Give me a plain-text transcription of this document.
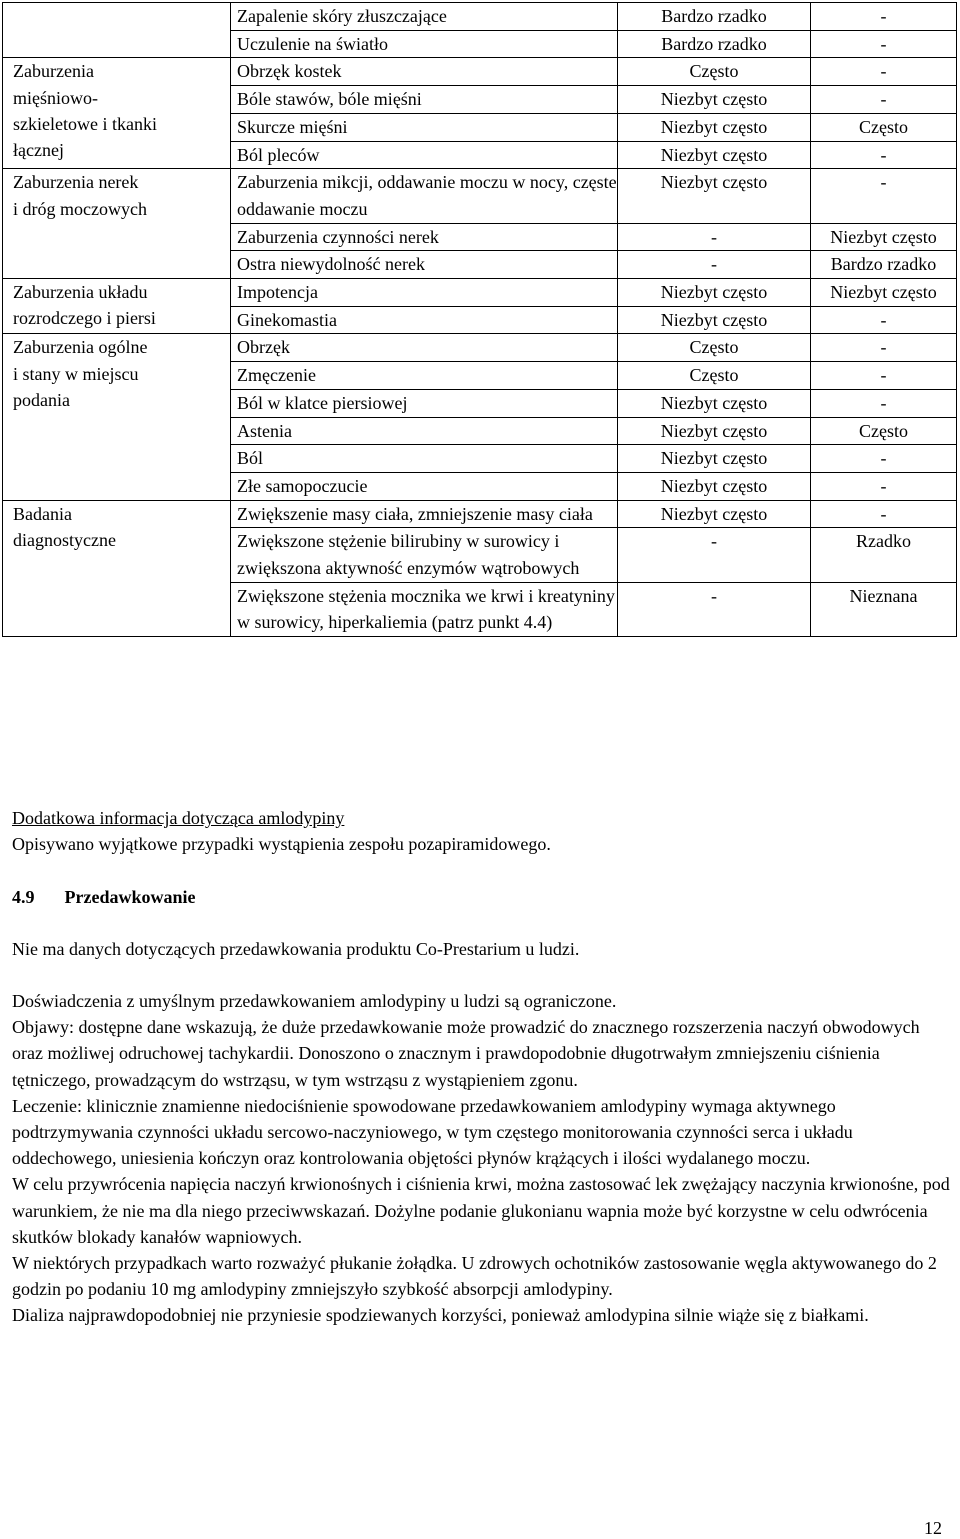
	Zapalenie skóry złuszczające	Bardzo rzadko	-
	Uczulenie na światło	Bardzo rzadko	-

Zaburzenia
mięśniowo-
szkieletowe i tkanki
łącznej	Obrzęk kostek	Często	-
	Bóle stawów, bóle mięśni	Niezbyt często	-
	Skurcze mięśni	Niezbyt często	Często
	Ból pleców	Niezbyt często	-

Zaburzenia nerek
i dróg moczowych	Zaburzenia mikcji, oddawanie moczu w nocy, częste oddawanie moczu	Niezbyt często	-
	Zaburzenia czynności nerek	-	Niezbyt często
	Ostra niewydolność nerek	-	Bardzo rzadko

Zaburzenia układu
rozrodczego i piersi	Impotencja	Niezbyt często	Niezbyt często
	Ginekomastia	Niezbyt często	-

Zaburzenia ogólne
i stany w miejscu
podania	Obrzęk	Często	-
	Zmęczenie	Często	-
	Ból w klatce piersiowej	Niezbyt często	-
	Astenia	Niezbyt często	Często
	Ból	Niezbyt często	-
	Złe samopoczucie	Niezbyt często	-

Badania
diagnostyczne	Zwiększenie masy ciała, zmniejszenie masy ciała	Niezbyt często	-
	Zwiększone stężenie bilirubiny w surowicy i zwiększona aktywność enzymów wątrobowych	-	Rzadko
	Zwiększone stężenia mocznika we krwi i kreatyniny w surowicy, hiperkaliemia (patrz punkt 4.4)	-	Nieznana
Dodatkowa informacja dotycząca amlodypiny
Opisywano wyjątkowe przypadki wystąpienia zespołu pozapiramidowego.
4.9 Przedawkowanie
Nie ma danych dotyczących przedawkowania produktu Co-Prestarium u ludzi.
Doświadczenia z umyślnym przedawkowaniem amlodypiny u ludzi są ograniczone.
Objawy: dostępne dane wskazują, że duże przedawkowanie może prowadzić do znacznego rozszerzenia naczyń obwodowych oraz możliwej odruchowej tachykardii. Donoszono o znacznym i prawdopodobnie długotrwałym zmniejszeniu ciśnienia tętniczego, prowadzącym do wstrząsu, w tym wstrząsu z wystąpieniem zgonu.
Leczenie: klinicznie znamienne niedociśnienie spowodowane przedawkowaniem amlodypiny wymaga aktywnego podtrzymywania czynności układu sercowo-naczyniowego, w tym częstego monitorowania czynności serca i układu oddechowego, uniesienia kończyn oraz kontrolowania objętości płynów krążących i ilości wydalanego moczu.
W celu przywrócenia napięcia naczyń krwionośnych i ciśnienia krwi, można zastosować lek zwężający naczynia krwionośne, pod warunkiem, że nie ma dla niego przeciwwskazań. Dożylne podanie glukonianu wapnia może być korzystne w celu odwrócenia skutków blokady kanałów wapniowych.
W niektórych przypadkach warto rozważyć płukanie żołądka. U zdrowych ochotników zastosowanie węgla aktywowanego do 2 godzin po podaniu 10 mg amlodypiny zmniejszyło szybkość absorpcji amlodypiny.
Dializa najprawdopodobniej nie przyniesie spodziewanych korzyści, ponieważ amlodypina silnie wiąże się z białkami.
12
